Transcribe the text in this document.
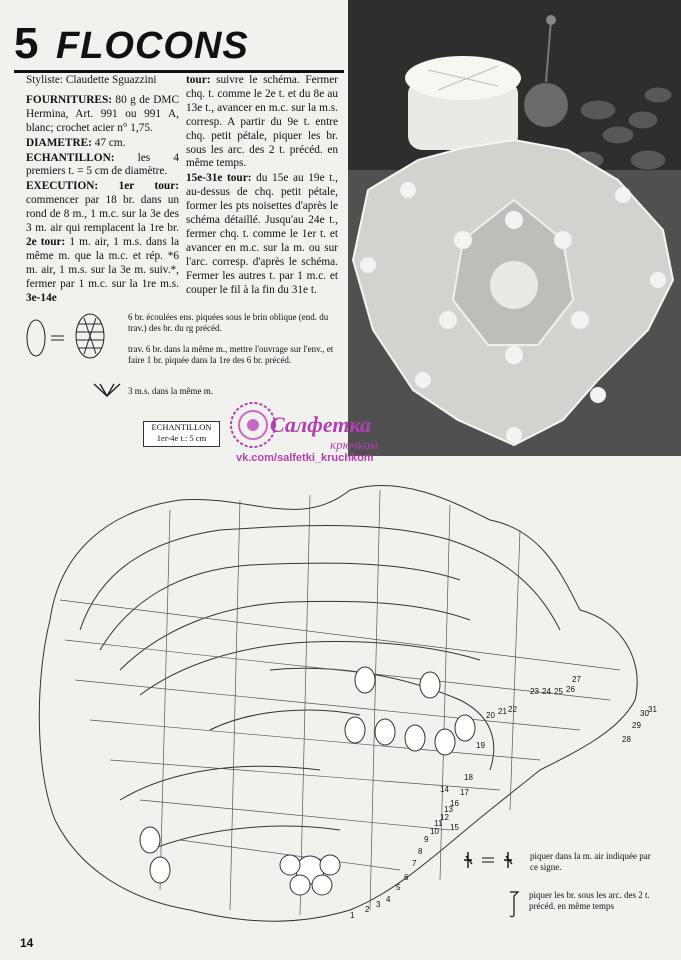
5 FLOCONS

Styliste: Claudette Sguazzini

FOURNITURES: 80 g de DMC Hermina, Art. 991 ou 991 A, blanc; crochet acier n° 1,75.

DIAMETRE: 47 cm.

ECHANTILLON: les 4 premiers t. = 5 cm de diamètre.

EXECUTION: 1er tour: commencer par 18 br. dans un rond de 8 m., 1 m.c. sur la 3e des 3 m. air qui remplacent la 1re br. 2e tour: 1 m. air, 1 m.s. dans la même m. que la m.c. et rép. *6 m. air, 1 m.s. sur la 3e m. suiv.*, fermer par 1 m.c. sur la 1re m.s. 3e-14e

tour: suivre le schéma. Fermer chq. t. comme le 2e t. et du 8e au 13e t., avancer en m.c. sur la m.s. corresp. A partir du 9e t. entre chq. petit pétale, piquer les br. sous les arc. des 2 t. précéd. en même temps.

15e-31e tour: du 15e au 19e t., au-dessus de chq. petit pétale, former les pts noisettes d'après le schéma détaillé. Jusqu'au 24e t., fermer chq. t. comme le 1er t. et avancer en m.c. sur la m. ou sur l'arc. corresp. d'après le schéma. Fermer les autres t. par 1 m.c. et couper le fil à la fin du 31e t.

6 br. écoulées ens. piquées sous le brin oblique (end. du trav.) des br. du rg précéd.
trav. 6 br. dans la même m., mettre l'ouvrage sur l'env., et faire 1 br. piquée dans la 1re des 6 br. précéd.
3 m.s. dans la même m.
ECHANTILLON
1er-4e t.: 5 cm
Салфетка
крючком
vk.com/salfetki_kruchkom
1
2
3
4
5
6
7
8
9
10
11
12
13
14
15
16
17
18
19
20 21 22
23 24 25 26
27
28
29
30 31
piquer dans la m. air indiquée par ce signe.
piquer les br. sous les arc. des 2 t. précéd. en même temps
14
